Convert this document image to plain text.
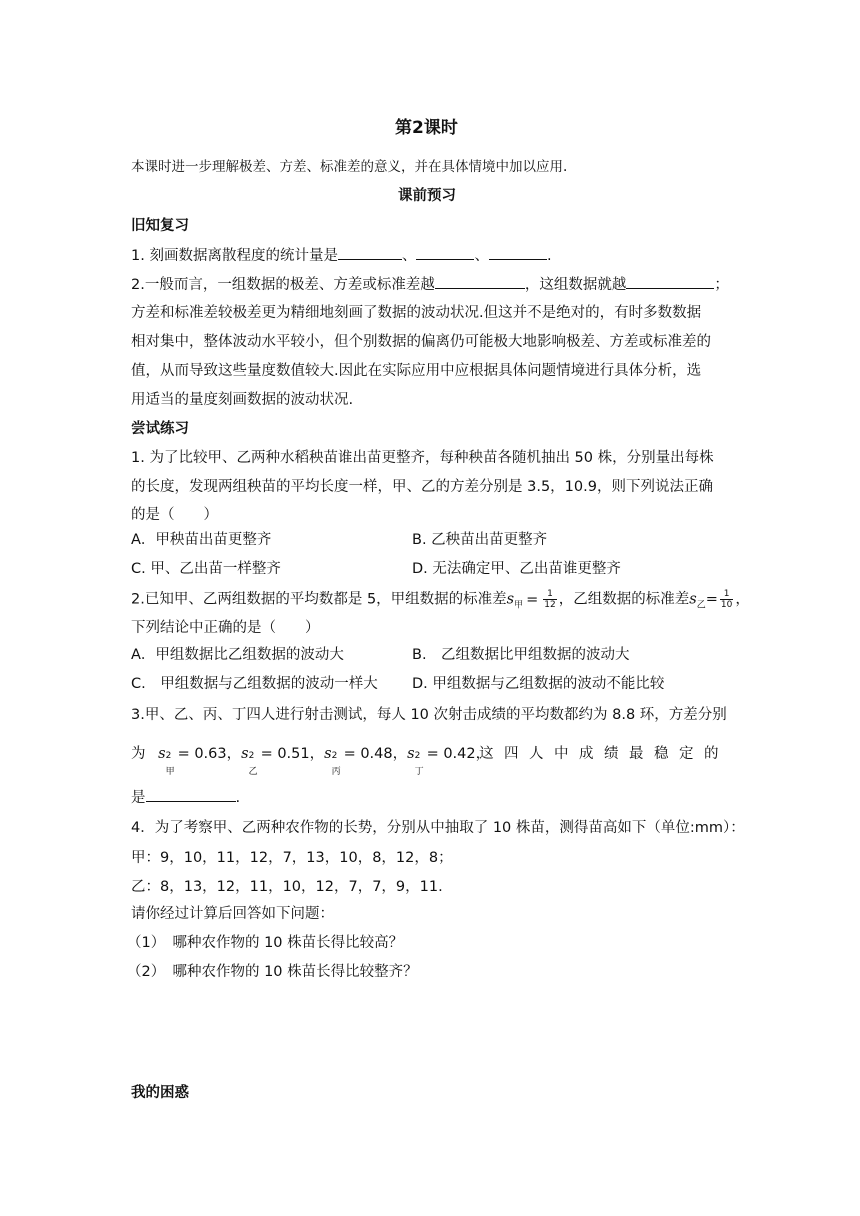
第2课时
本课时进一步理解极差、方差、标准差的意义，并在具体情境中加以应用.
课前预习
旧知复习
1. 刻画数据离散程度的统计量是	、	、	.
2.一般而言，一组数据的极差、方差或标准差越	，这组数据就越	；
方差和标准差较极差更为精细地刻画了数据的波动状况.但这并不是绝对的，有时多数数据
相对集中，整体波动水平较小，但个别数据的偏离仍可能极大地影响极差、方差或标准差的
值，从而导致这些量度数值较大.因此在实际应用中应根据具体问题情境进行具体分析，选
用适当的量度刻画数据的波动状况.
尝试练习
1. 为了比较甲、乙两种水稻秧苗谁出苗更整齐，每种秧苗各随机抽出 50 株，分别量出每株
的长度，发现两组秧苗的平均长度一样，甲、乙的方差分别是 3.5，10.9，则下列说法正确
的是（　　）
A．甲秧苗出苗更整齐	B. 乙秧苗出苗更整齐
C. 甲、乙出苗一样整齐	D. 无法确定甲、乙出苗谁更整齐
2.已知甲、乙两组数据的平均数都是 5，甲组数据的标准差$s_甲 = \frac{1}{12}$ ，乙组数据的标准差$s_乙= \frac{1}{10}$ ，
下列结论中正确的是（　　）
A．甲组数据比乙组数据的波动大	B.　乙组数据比甲组数据的波动大
C.　甲组数据与乙组数据的波动一样大 D. 甲组数据与乙组数据的波动不能比较
3.甲、乙、丙、丁四人进行射击测试，每人 10 次射击成绩的平均数都约为 8.8 环，方差分别
为 s 2
甲
= 0.63，s 2
乙
= 0.51，s 2
丙
= 0.48，s 2
丁
= 0.42，
这四人中成绩最稳定的
是	.
4．为了考察甲、乙两种农作物的长势，分别从中抽取了 10 株苗，测得苗高如下（单位:mm）：
甲：9，10，11，12，7，13，10，8，12，8；
乙：8，13，12，11，10，12，7，7，9，11.
请你经过计算后回答如下问题：
（1）　哪种农作物的 10 株苗长得比较高？
（2）　哪种农作物的 10 株苗长得比较整齐？
我的困惑
